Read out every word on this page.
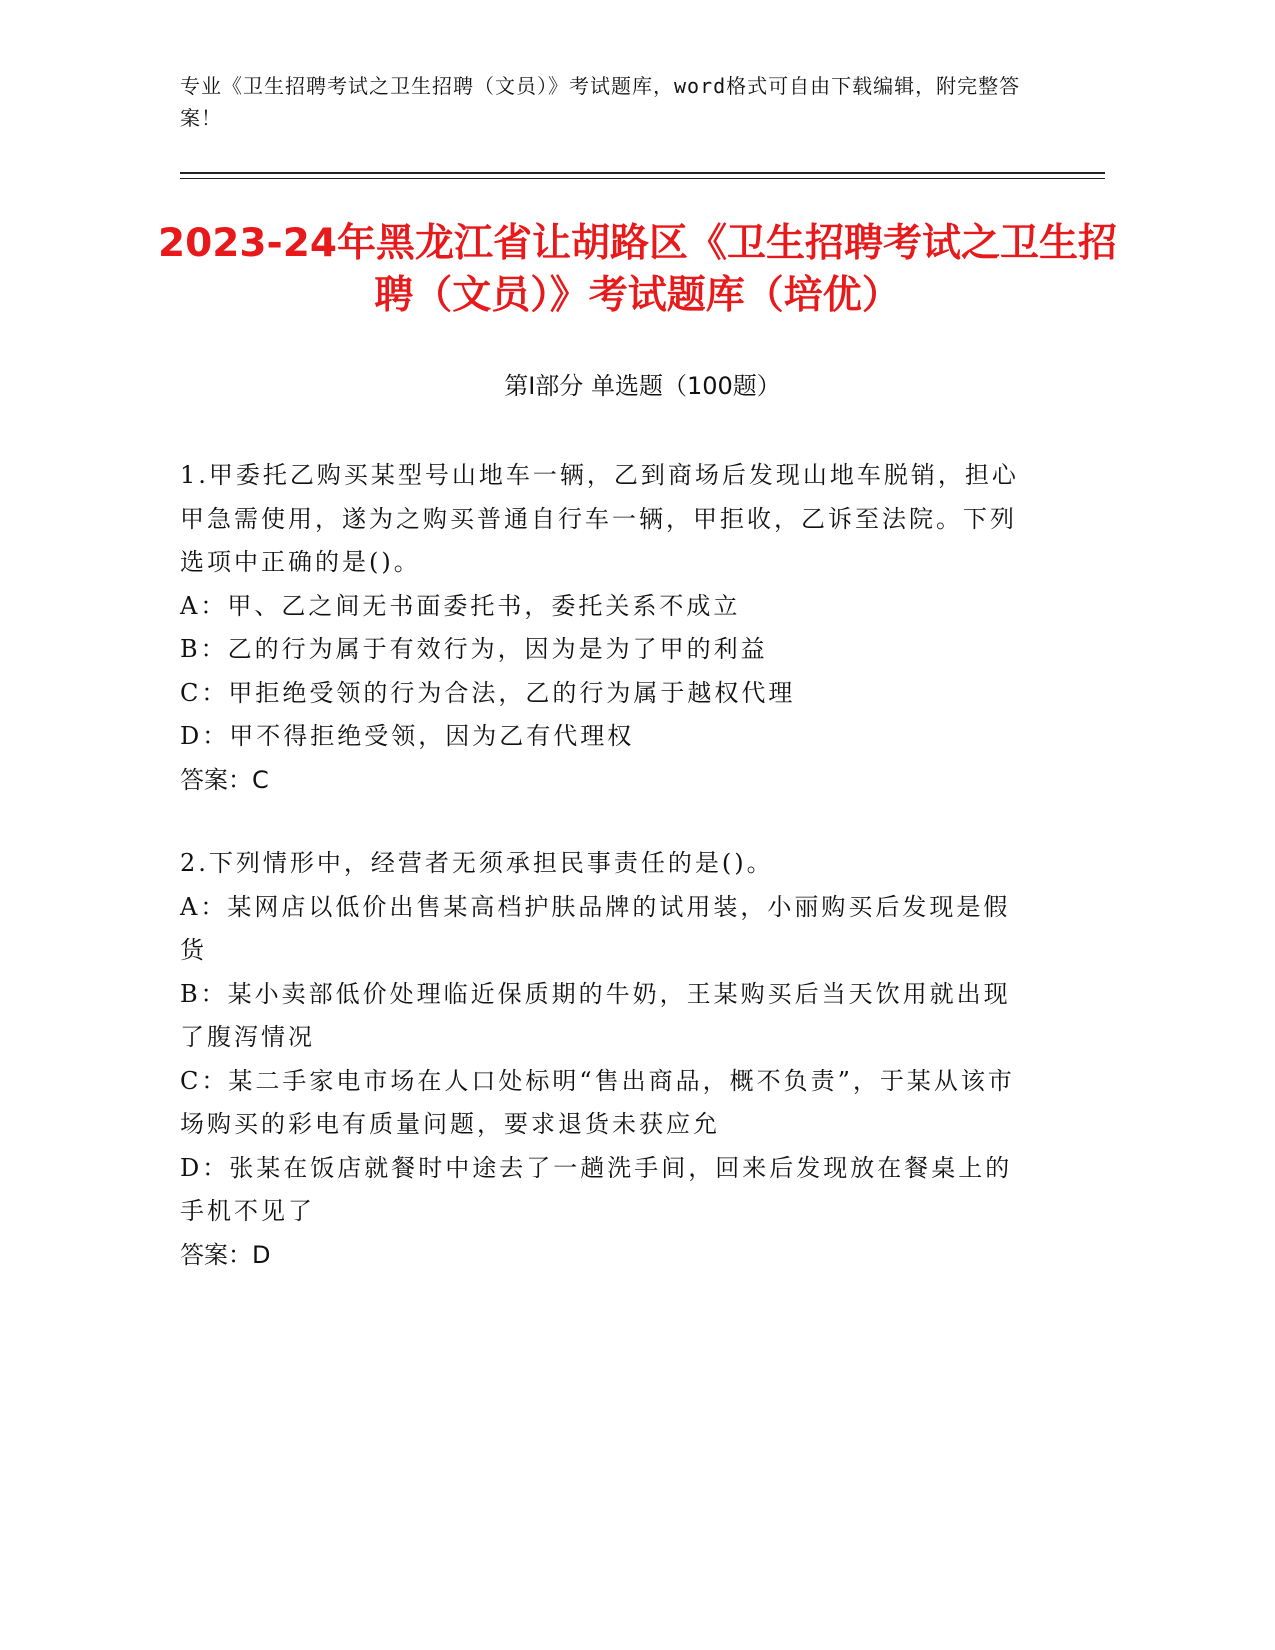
专业《卫生招聘考试之卫生招聘（文员）》考试题库，word格式可自由下载编辑，附完整答案！
2023-24年黑龙江省让胡路区《卫生招聘考试之卫生招聘（文员）》考试题库（培优）
第Ⅰ部分 单选题（100题）

1.甲委托乙购买某型号山地车一辆，乙到商场后发现山地车脱销，担心甲急需使用，遂为之购买普通自行车一辆，甲拒收，乙诉至法院。下列选项中正确的是()。

A：甲、乙之间无书面委托书，委托关系不成立

B：乙的行为属于有效行为，因为是为了甲的利益

C：甲拒绝受领的行为合法，乙的行为属于越权代理

D：甲不得拒绝受领，因为乙有代理权

答案：C

2.下列情形中，经营者无须承担民事责任的是()。

A：某网店以低价出售某高档护肤品牌的试用装，小丽购买后发现是假货

B：某小卖部低价处理临近保质期的牛奶，王某购买后当天饮用就出现了腹泻情况

C：某二手家电市场在人口处标明“售出商品，概不负责”，于某从该市场购买的彩电有质量问题，要求退货未获应允

D：张某在饭店就餐时中途去了一趟洗手间，回来后发现放在餐桌上的手机不见了

答案：D
